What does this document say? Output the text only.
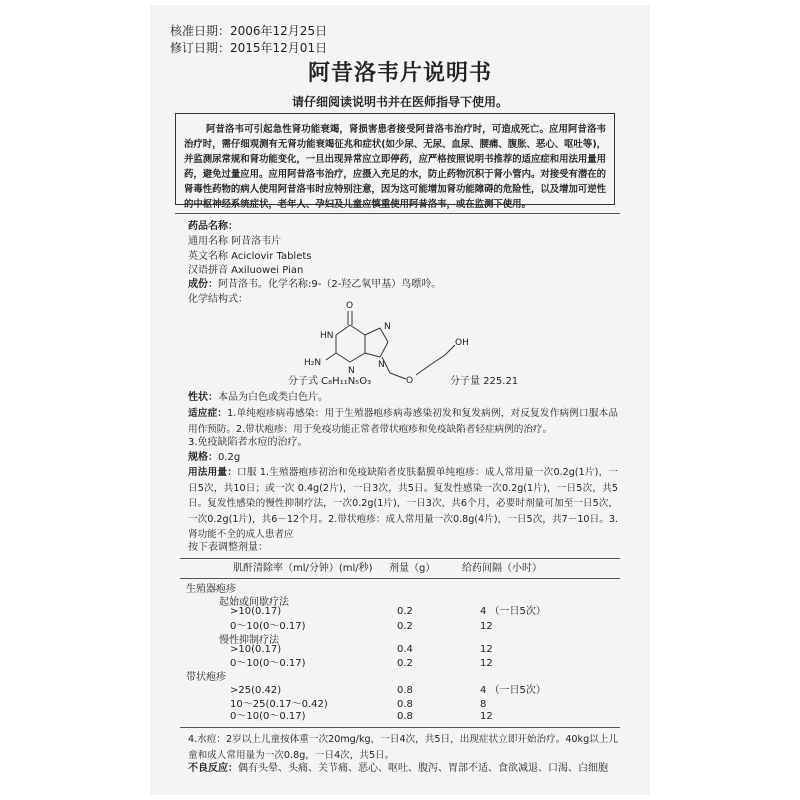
核准日期：2006年12月25日
修订日期：2015年12月01日
阿昔洛韦片说明书
请仔细阅读说明书并在医师指导下使用。

阿昔洛韦可引起急性肾功能衰竭，肾损害患者接受阿昔洛韦治疗时，可造成死亡。应用阿昔洛韦治疗时，需仔细观测有无肾功能衰竭征兆和症状(如少尿、无尿、血尿、腰痛、腹胀、恶心、呕吐等)，并监测尿常规和肾功能变化，一旦出现异常应立即停药，应严格按照说明书推荐的适应症和用法用量用药，避免过量应用。应用阿昔洛韦治疗，应摄入充足的水，防止药物沉积于肾小管内。对接受有潜在的肾毒性药物的病人使用阿昔洛韦时应特别注意，因为这可能增加肾功能障碍的危险性，以及增加可逆性的中枢神经系统症状，老年人、孕妇及儿童应慎重使用阿昔洛韦，或在监测下使用。

药品名称：
通用名称 阿昔洛韦片
英文名称 Aciclovir Tablets
汉语拼音 Axiluowei Pian
成份：阿昔洛韦。化学名称:9-（2-羟乙氧甲基）鸟嘌呤。
化学结构式：
O
HN
N
N
N
H₂N
O
OH
分子式 C₈H₁₁N₅O₃	分子量 225.21
性状：本品为白色或类白色片。
适应症：1.单纯疱疹病毒感染：用于生殖器疱疹病毒感染初发和复发病例，对反复发作病例口服本品用作预防。2.带状疱疹：用于免疫功能正常者带状疱疹和免疫缺陷者轻症病例的治疗。
3.免疫缺陷者水痘的治疗。
规格：0.2g
用法用量：口服 1.生殖器疱疹初治和免疫缺陷者皮肤黏膜单纯疱疹：成人常用量一次0.2g(1片)，一日5次，共10日；或一次 0.4g(2片)，一日3次，共5日。复发性感染一次0.2g(1片)，一日5次，共5日。复发性感染的慢性抑制疗法，一次0.2g(1片)，一日3次，共6个月，必要时剂量可加至一日5次，一次0.2g(1片)，共6－12个月。2.带状疱疹：成人常用量一次0.8g(4片)，一日5次，共7－10日。3.肾功能不全的成人患者应
按下表调整剂量：
肌酐清除率（ml/分钟）(ml/秒) 剂量（g）	给药间隔（小时）
生殖器疱疹
起始或间歇疗法
>10(0.17)	0.2	4 （一日5次）
0～10(0～0.17)	0.2	12
慢性抑制疗法
>10(0.17)	0.4	12
0～10(0～0.17)	0.2	12
带状疱疹
>25(0.42)	0.8	4 （一日5次）
10～25(0.17～0.42)	0.8	8
0～10(0～0.17)	0.8	12
4.水痘：2岁以上儿童按体重一次20mg/kg，一日4次，共5日，出现症状立即开始治疗。40kg以上儿童和成人常用量为一次0.8g，一日4次，共5日。
不良反应：偶有头晕、头痛、关节痛、恶心、呕吐、腹泻、胃部不适、食欲减退、口渴、白细胞
